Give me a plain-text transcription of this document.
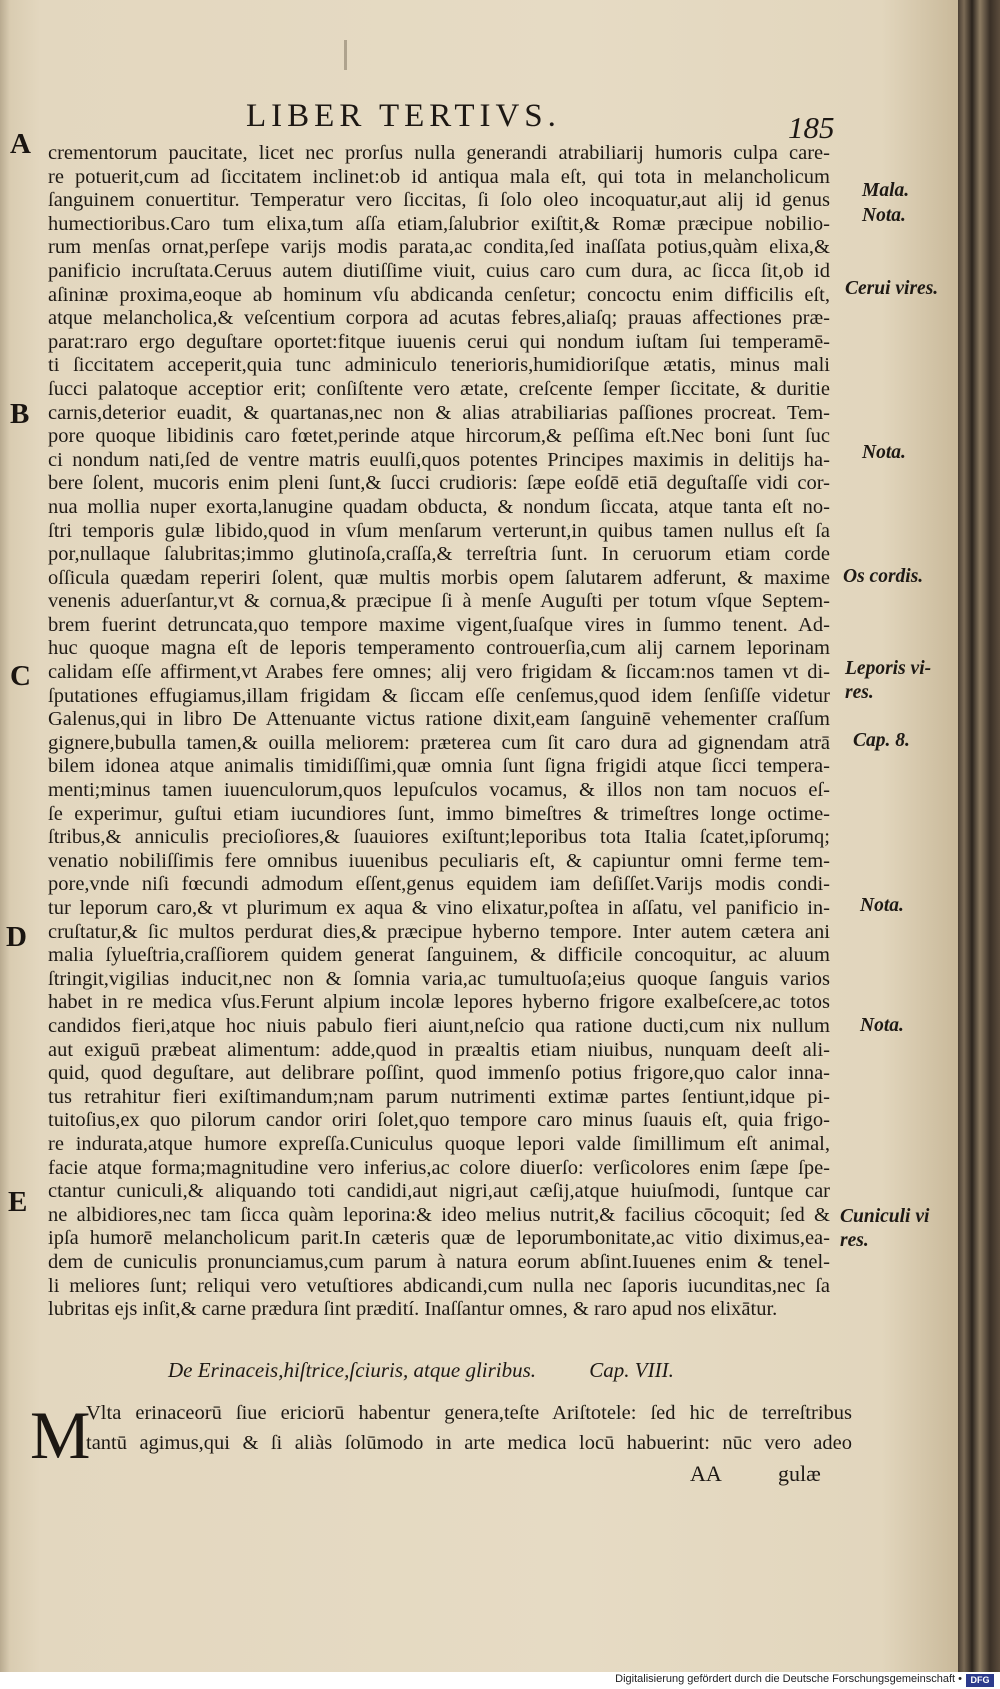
LIBER TERTIVS.	185
A
B
C
D
E
Mala.
Nota.
Cerui vires.
Nota.
Os cordis.
Leporis vi-
res.
Cap. 8.
Nota.
Nota.
Cuniculi vi
res.
crementorum paucitate, licet nec prorſus nulla generandi atrabiliarij humoris culpa care-
re potuerit,cum ad ſiccitatem inclinet:ob id antiqua mala eſt, qui tota in melancholicum
ſanguinem conuertitur. Temperatur vero ſiccitas, ſi ſolo oleo incoquatur,aut alij id genus
humectioribus.Caro tum elixa,tum aſſa etiam,ſalubrior exiſtit,& Romæ præcipue nobilio-
rum menſas ornat,perſepe varijs modis parata,ac condita,ſed inaſſata potius,quàm elixa,&
panificio incruſtata.Ceruus autem diutiſſime viuit, cuius caro cum dura, ac ſicca ſit,ob id
aſininæ proxima,eoque ab hominum vſu abdicanda cenſetur; concoctu enim difficilis eſt,
atque melancholica,& veſcentium corpora ad acutas febres,aliaſq; prauas affectiones præ-
parat:raro ergo deguſtare oportet:fitque iuuenis cerui qui nondum iuſtam ſui temperamē-
ti ſiccitatem acceperit,quia tunc adminiculo tenerioris,humidioriſque ætatis, minus mali
ſucci palatoque acceptior erit; conſiſtente vero ætate, creſcente ſemper ſiccitate, & duritie
carnis,deterior euadit, & quartanas,nec non & alias atrabiliarias paſſiones procreat. Tem-
pore quoque libidinis caro fœtet,perinde atque hircorum,& peſſima eſt.Nec boni ſunt ſuc
ci nondum nati,ſed de ventre matris euulſi,quos potentes Principes maximis in delitijs ha-
bere ſolent, mucoris enim pleni ſunt,& ſucci crudioris: ſæpe eoſdē etiā deguſtaſſe vidi cor-
nua mollia nuper exorta,lanugine quadam obducta, & nondum ſiccata, atque tanta eſt no-
ſtri temporis gulæ libido,quod in vſum menſarum verterunt,in quibus tamen nullus eſt ſa
por,nullaque ſalubritas;immo glutinoſa,craſſa,& terreſtria ſunt. In ceruorum etiam corde
oſſicula quædam reperiri ſolent, quæ multis morbis opem ſalutarem adferunt, & maxime
venenis aduerſantur,vt & cornua,& præcipue ſi à menſe Auguſti per totum vſque Septem-
brem fuerint detruncata,quo tempore maxime vigent,ſuaſque vires in ſummo tenent. Ad-
huc quoque magna eſt de leporis temperamento controuerſia,cum alij carnem leporinam
calidam eſſe affirment,vt Arabes fere omnes; alij vero frigidam & ſiccam:nos tamen vt di-
ſputationes effugiamus,illam frigidam & ſiccam eſſe cenſemus,quod idem ſenſiſſe videtur
Galenus,qui in libro De Attenuante victus ratione dixit,eam ſanguinē vehementer craſſum
gignere,bubulla tamen,& ouilla meliorem: præterea cum ſit caro dura ad gignendam atrā
bilem idonea atque animalis timidiſſimi,quæ omnia ſunt ſigna frigidi atque ſicci tempera-
menti;minus tamen iuuenculorum,quos lepuſculos vocamus, & illos non tam nocuos eſ-
ſe experimur, guſtui etiam iucundiores ſunt, immo bimeſtres & trimeſtres longe octime-
ſtribus,& anniculis precioſiores,& ſuauiores exiſtunt;leporibus tota Italia ſcatet,ipſorumq;
venatio nobiliſſimis fere omnibus iuuenibus peculiaris eſt, & capiuntur omni ferme tem-
pore,vnde niſi fœcundi admodum eſſent,genus equidem iam deſiſſet.Varijs modis condi-
tur leporum caro,& vt plurimum ex aqua & vino elixatur,poſtea in aſſatu, vel panificio in-
cruſtatur,& ſic multos perdurat dies,& præcipue hyberno tempore. Inter autem cætera ani
malia ſylueſtria,craſſiorem quidem generat ſanguinem, & difficile concoquitur, ac aluum
ſtringit,vigilias inducit,nec non & ſomnia varia,ac tumultuoſa;eius quoque ſanguis varios
habet in re medica vſus.Ferunt alpium incolæ lepores hyberno frigore exalbeſcere,ac totos
candidos fieri,atque hoc niuis pabulo fieri aiunt,neſcio qua ratione ducti,cum nix nullum
aut exiguū præbeat alimentum: adde,quod in præaltis etiam niuibus, nunquam deeſt ali-
quid, quod deguſtare, aut delibrare poſſint, quod immenſo potius frigore,quo calor inna-
tus retrahitur fieri exiſtimandum;nam parum nutrimenti extimæ partes ſentiunt,idque pi-
tuitoſius,ex quo pilorum candor oriri ſolet,quo tempore caro minus ſuauis eſt, quia frigo-
re indurata,atque humore expreſſa.Cuniculus quoque lepori valde ſimillimum eſt animal,
facie atque forma;magnitudine vero inferius,ac colore diuerſo: verſicolores enim ſæpe ſpe-
ctantur cuniculi,& aliquando toti candidi,aut nigri,aut cæſij,atque huiuſmodi, ſuntque car
ne albidiores,nec tam ſicca quàm leporina:& ideo melius nutrit,& facilius cōcoquit; ſed &
ipſa humorē melancholicum parit.In cæteris quæ de leporumbonitate,ac vitio diximus,ea-
dem de cuniculis pronunciamus,cum parum à natura eorum abſint.Iuuenes enim & tenel-
li meliores ſunt; reliqui vero vetuſtiores abdicandi,cum nulla nec ſaporis iucunditas,nec ſa
lubritas ejs inſit,& carne prædura ſint prædití. Inaſſantur omnes, & raro apud nos elixātur.
De Erinaceis,hiſtrice,ſciuris, atque gliribus.	Cap. VIII.
M
Vlta erinaceorū ſiue ericiorū habentur genera,teſte Ariſtotele: ſed hic de terreſtribus
tantū agimus,qui & ſi aliàs ſolūmodo in arte medica locū habuerint: nūc vero adeo
AA	gulæ
Digitalisierung gefördert durch die Deutsche Forschungsgemeinschaft • DFG
